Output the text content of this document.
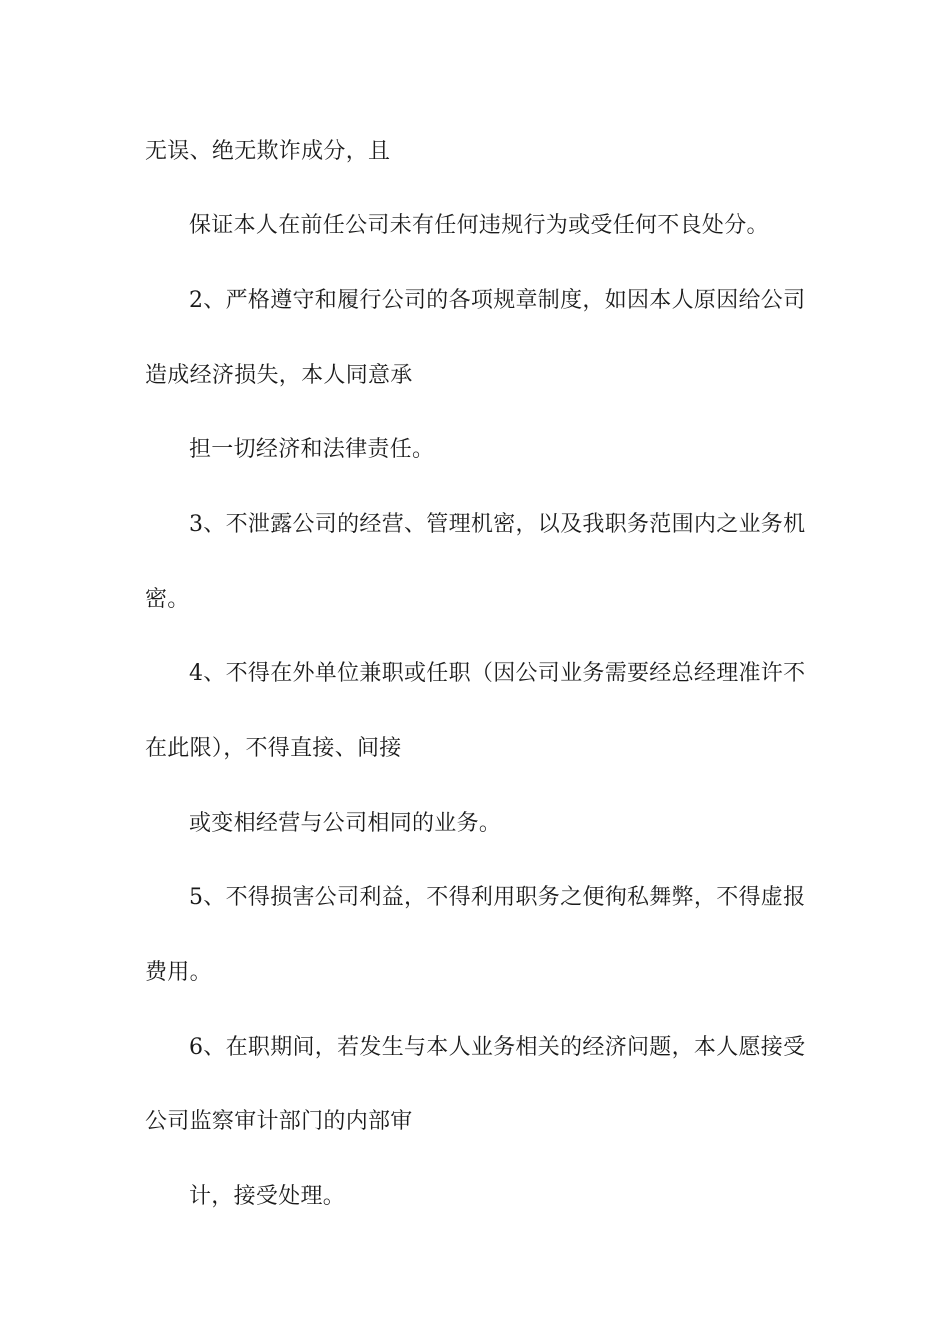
无误、绝无欺诈成分，且
保证本人在前任公司未有任何违规行为或受任何不良处分。
2、严格遵守和履行公司的各项规章制度，如因本人原因给公司
造成经济损失，本人同意承
担一切经济和法律责任。
3、不泄露公司的经营、管理机密，以及我职务范围内之业务机
密。
4、不得在外单位兼职或任职（因公司业务需要经总经理准许不
在此限），不得直接、间接
或变相经营与公司相同的业务。
5、不得损害公司利益，不得利用职务之便徇私舞弊，不得虚报
费用。
6、在职期间，若发生与本人业务相关的经济问题，本人愿接受
公司监察审计部门的内部审
计，接受处理。
